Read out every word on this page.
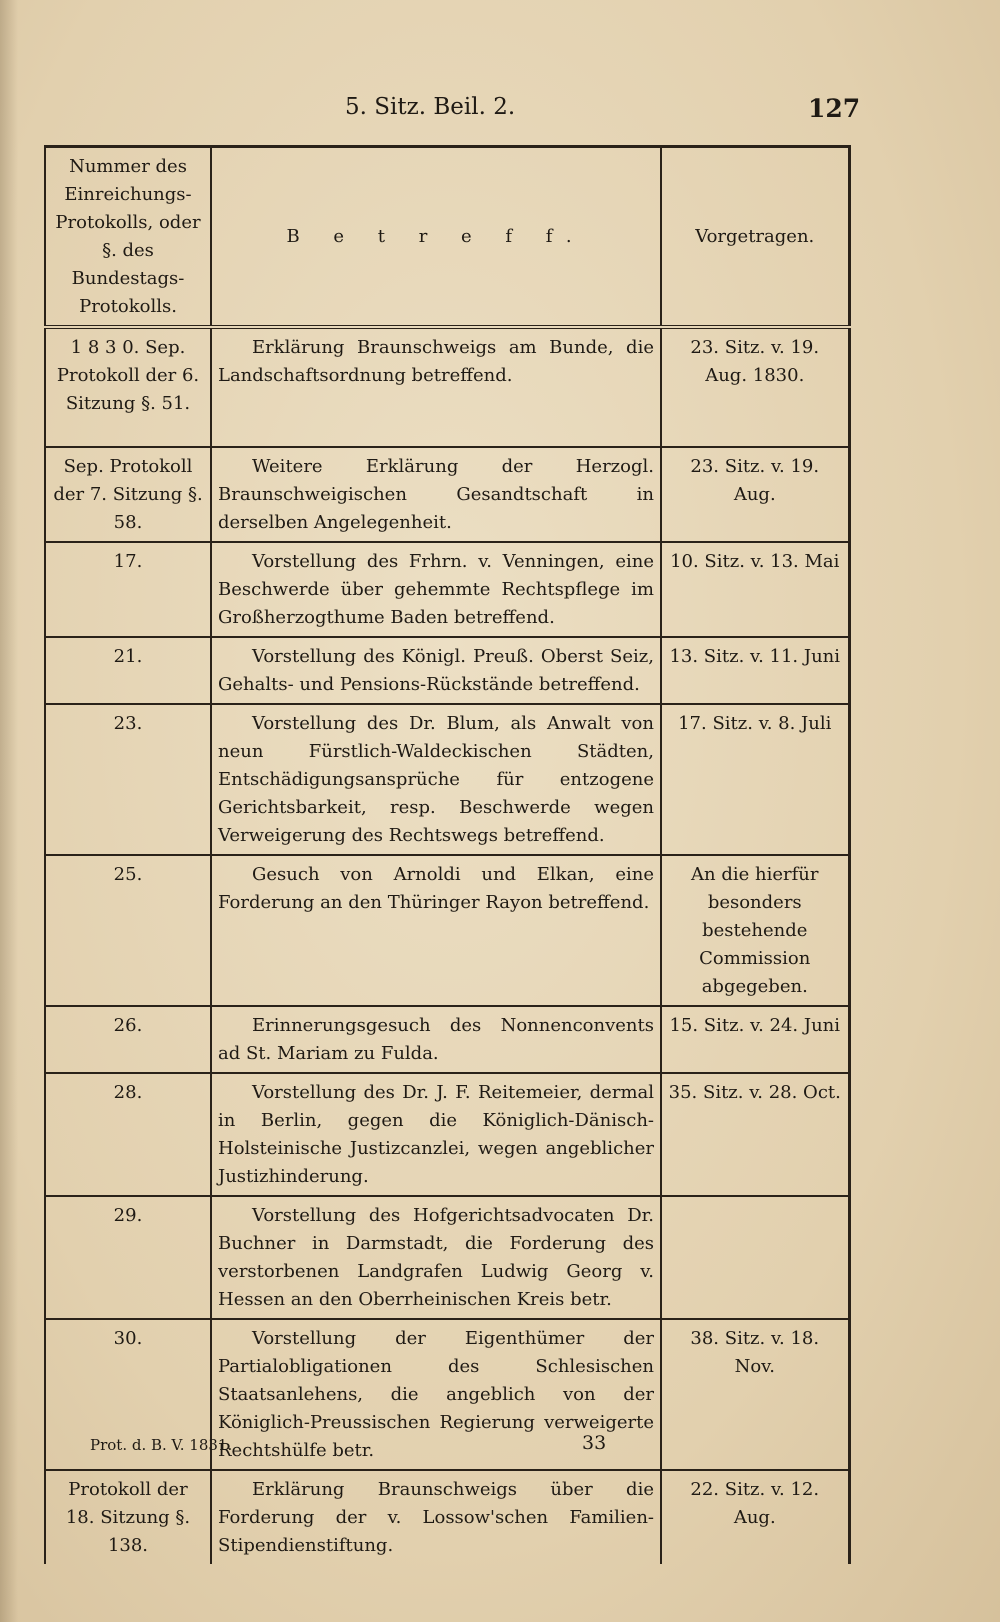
5. Sitz. Beil. 2.	127
Nummer des Einreichungs-Protokolls, oder §. des Bundestags-Protokolls.	B e t r e f f.	Vorgetragen.
1 8 3 0. Sep. Protokoll der 6. Sitzung §. 51.	Erklärung Braunschweigs am Bunde, die Landschaftsordnung betreffend.	23. Sitz. v. 19. Aug. 1830.
Sep. Protokoll der 7. Sitzung §. 58.	Weitere Erklärung der Herzogl. Braunschweigischen Gesandtschaft in derselben Angelegenheit.	23. Sitz. v. 19. Aug.
17.	Vorstellung des Frhrn. v. Venningen, eine Beschwerde über gehemmte Rechtspflege im Großherzogthume Baden betreffend.	10. Sitz. v. 13. Mai
21.	Vorstellung des Königl. Preuß. Oberst Seiz, Gehalts- und Pensions-Rückstände betreffend.	13. Sitz. v. 11. Juni
23.	Vorstellung des Dr. Blum, als Anwalt von neun Fürstlich-Waldeckischen Städten, Entschädigungsansprüche für entzogene Gerichtsbarkeit, resp. Beschwerde wegen Verweigerung des Rechtswegs betreffend.	17. Sitz. v. 8. Juli
25.	Gesuch von Arnoldi und Elkan, eine Forderung an den Thüringer Rayon betreffend.	An die hierfür besonders bestehende Commission abgegeben.
26.	Erinnerungsgesuch des Nonnenconvents ad St. Mariam zu Fulda.	15. Sitz. v. 24. Juni
28.	Vorstellung des Dr. J. F. Reitemeier, dermal in Berlin, gegen die Königlich-Dänisch-Holsteinische Justizcanzlei, wegen angeblicher Justizhinderung.	35. Sitz. v. 28. Oct.
29.	Vorstellung des Hofgerichtsadvocaten Dr. Buchner in Darmstadt, die Forderung des verstorbenen Landgrafen Ludwig Georg v. Hessen an den Oberrheinischen Kreis betr.	
30.	Vorstellung der Eigenthümer der Partialobligationen des Schlesischen Staatsanlehens, die angeblich von der Königlich-Preussischen Regierung verweigerte Rechtshülfe betr.	38. Sitz. v. 18. Nov.
Protokoll der 18. Sitzung §. 138.	Erklärung Braunschweigs über die Forderung der v. Lossow'schen Familien-Stipendienstiftung.	22. Sitz. v. 12. Aug.
Prot. d. B. V. 1831.	33
